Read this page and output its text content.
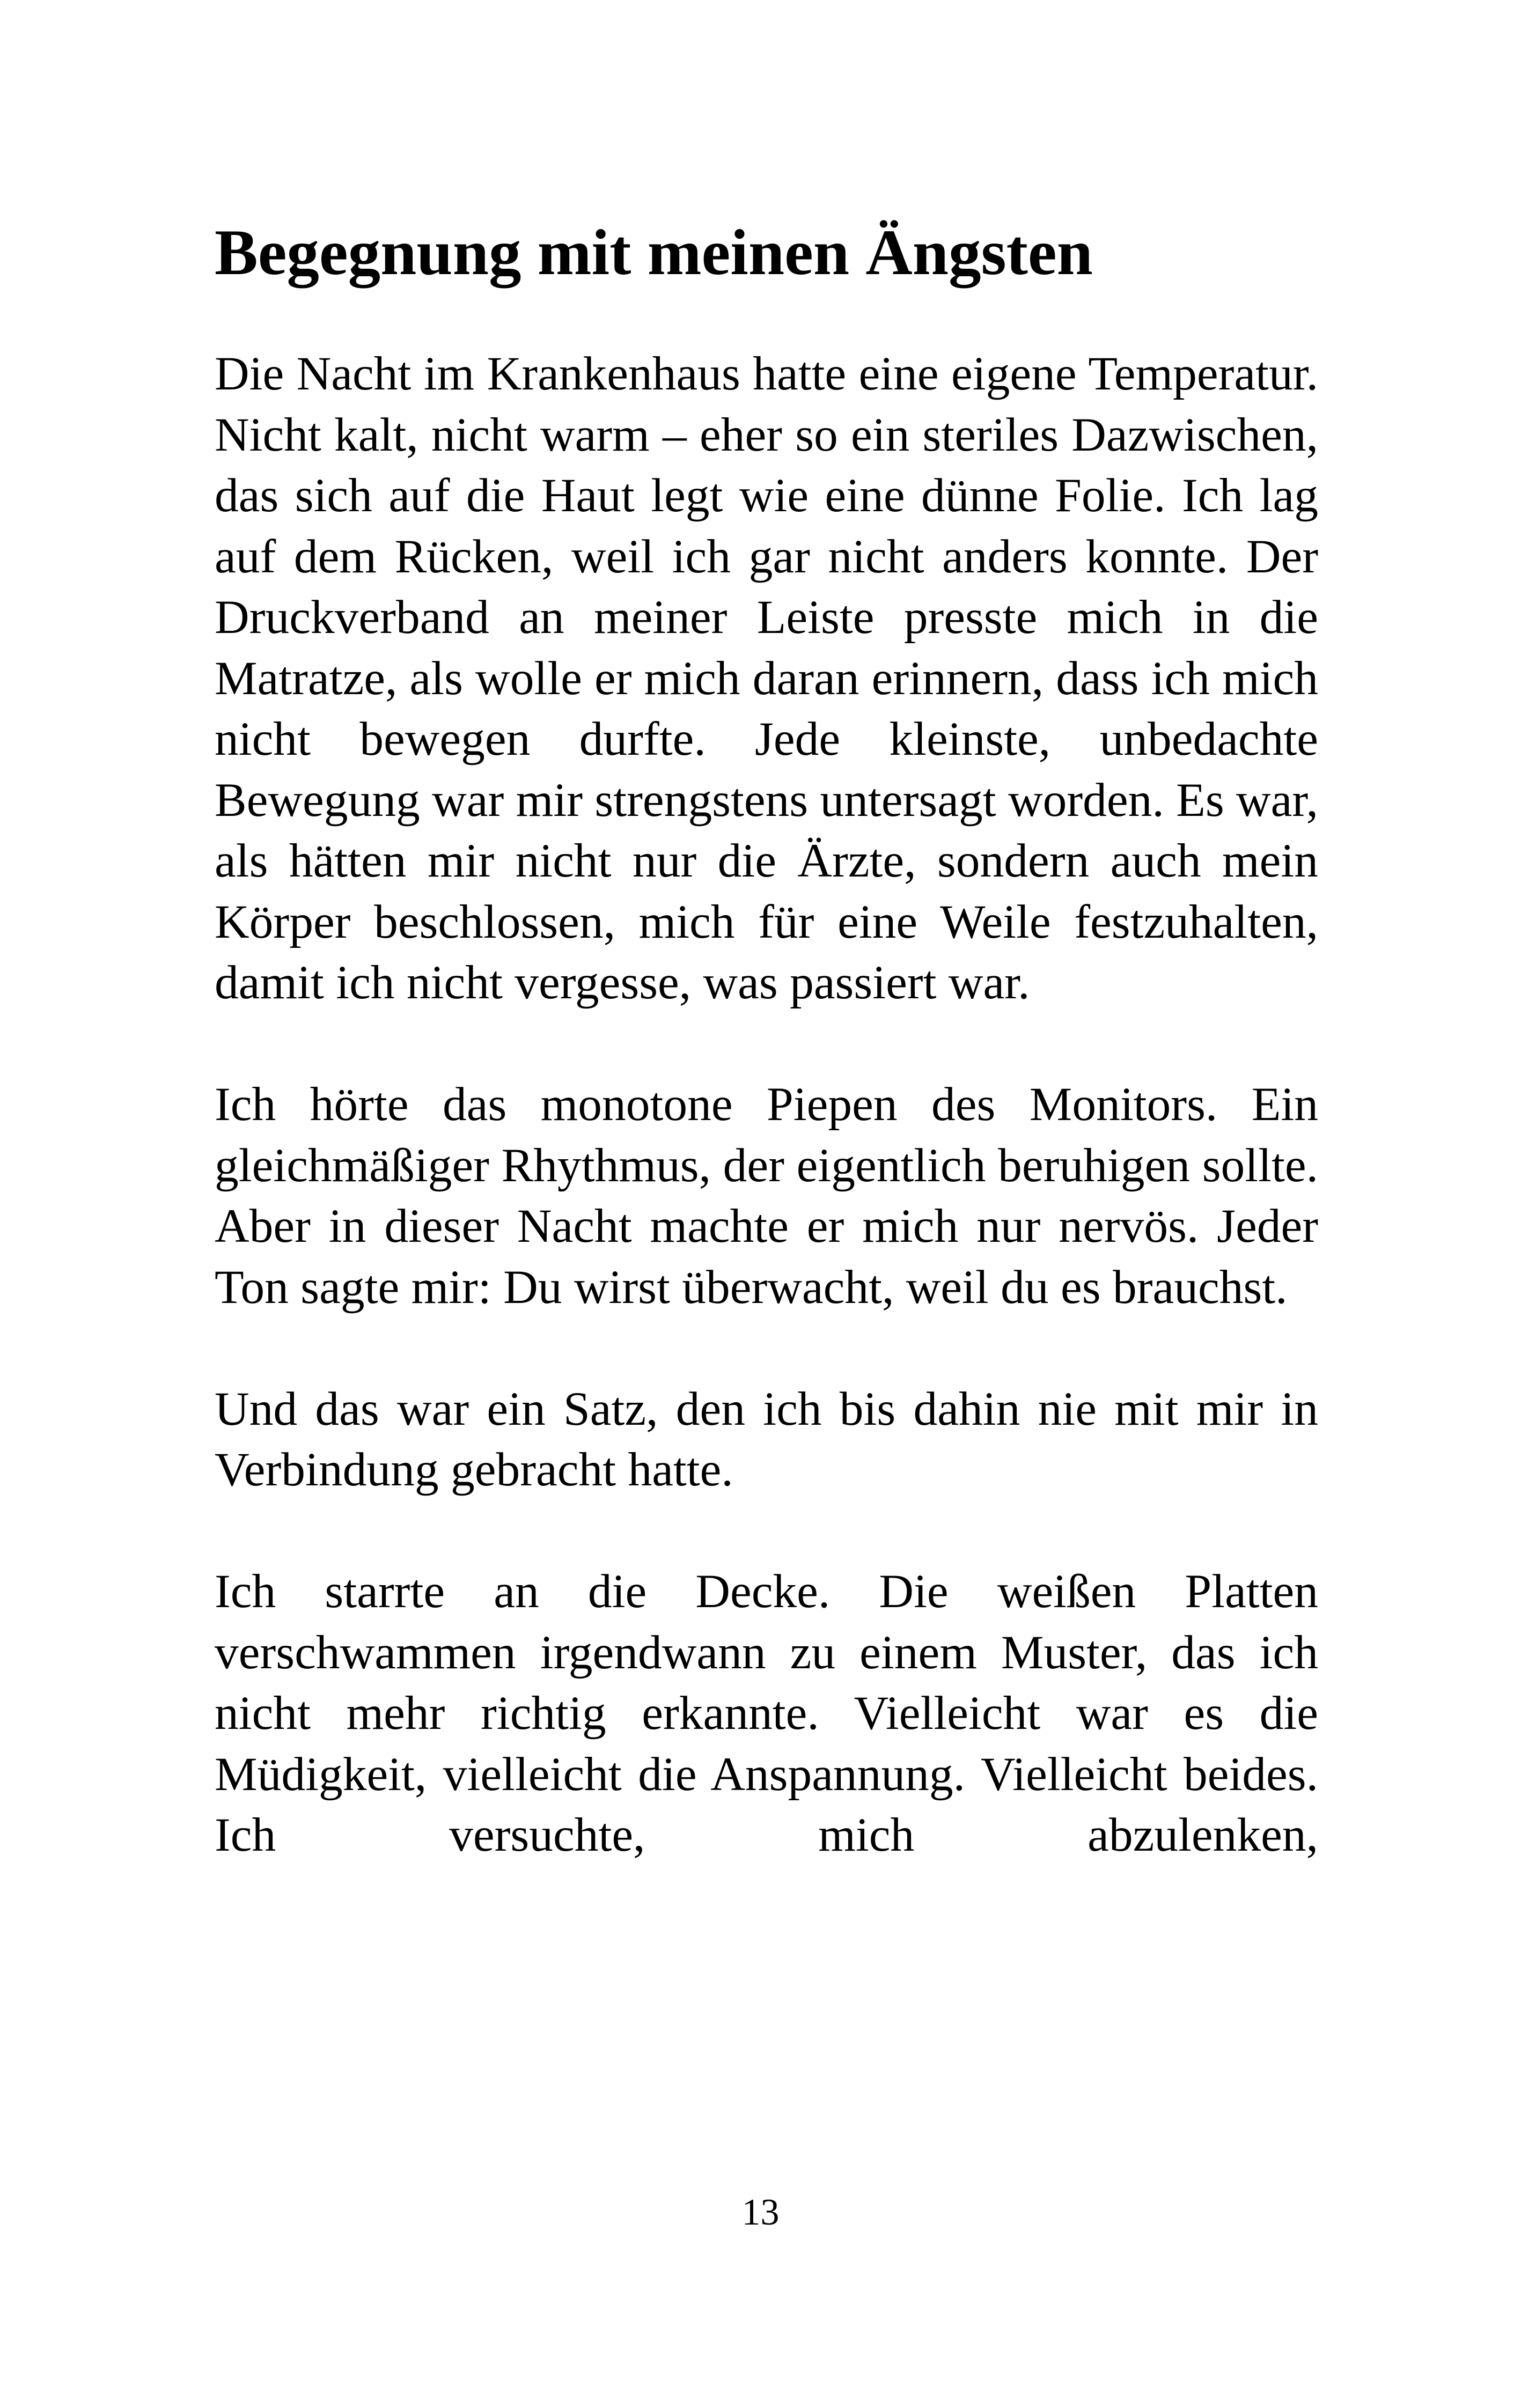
Begegnung mit meinen Ängsten

Die Nacht im Krankenhaus hatte eine eigene Temperatur. Nicht kalt, nicht warm – eher so ein steriles Dazwischen, das sich auf die Haut legt wie eine dünne Folie. Ich lag auf dem Rücken, weil ich gar nicht anders konnte. Der Druckverband an meiner Leiste presste mich in die Matratze, als wolle er mich daran erinnern, dass ich mich nicht bewegen durfte. Jede kleinste, unbedachte Bewegung war mir strengstens untersagt worden. Es war, als hätten mir nicht nur die Ärzte, sondern auch mein Körper beschlossen, mich für eine Weile festzuhalten, damit ich nicht vergesse, was passiert war.

Ich hörte das monotone Piepen des Monitors. Ein gleichmäßiger Rhythmus, der eigentlich beruhigen sollte. Aber in dieser Nacht machte er mich nur nervös. Jeder Ton sagte mir: Du wirst überwacht, weil du es brauchst.

Und das war ein Satz, den ich bis dahin nie mit mir in Verbindung gebracht hatte.

Ich starrte an die Decke. Die weißen Platten verschwammen irgendwann zu einem Muster, das ich nicht mehr richtig erkannte. Vielleicht war es die Müdigkeit, vielleicht die Anspannung. Vielleicht beides. Ich versuchte, mich abzulenken,

13
